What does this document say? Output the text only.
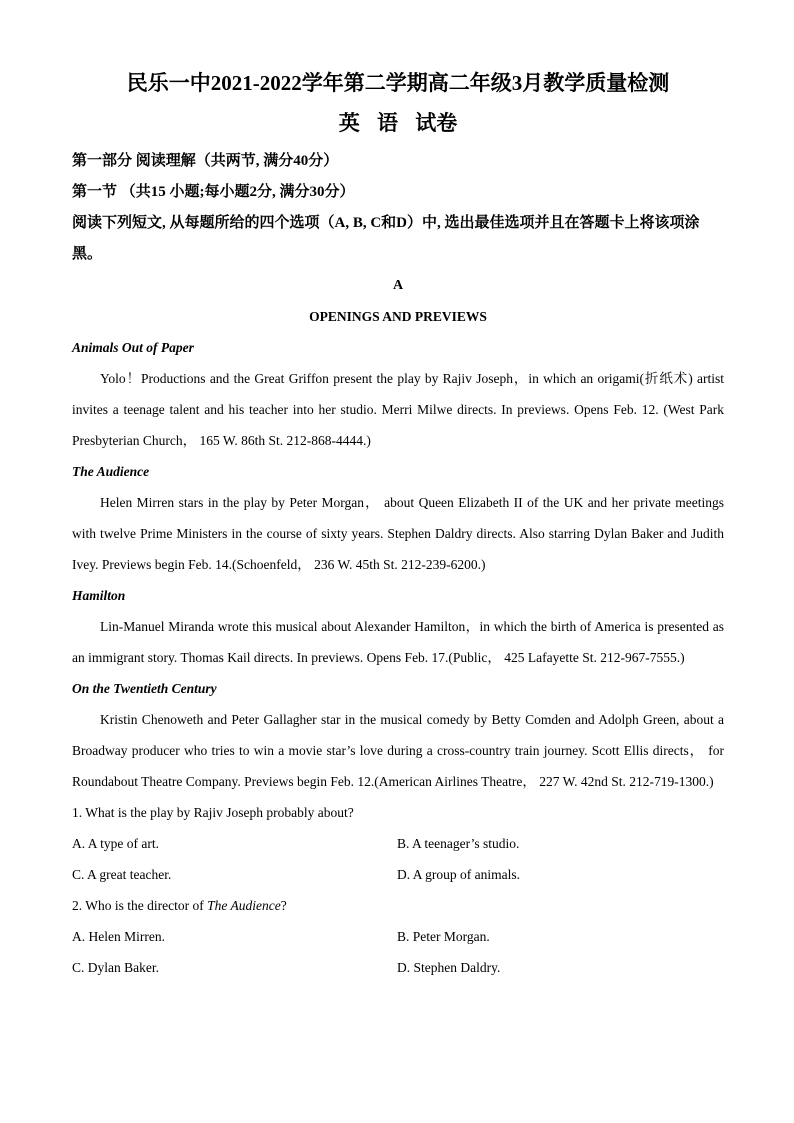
民乐一中2021-2022学年第二学期高二年级3月教学质量检测
英 语 试卷
第一部分 阅读理解（共两节, 满分40分）
第一节 （共15 小题;每小题2分, 满分30分）
阅读下列短文, 从每题所给的四个选项（A, B, C和D）中, 选出最佳选项并且在答题卡上将该项涂黑。
A
OPENINGS AND PREVIEWS
Animals Out of Paper
Yolo！Productions and the Great Griffon present the play by Rajiv Joseph，in which an origami(折纸术) artist invites a teenage talent and his teacher into her studio. Merri Milwe directs. In previews. Opens Feb. 12. (West Park Presbyterian Church， 165 W. 86th St. 212-868-4444.)
The Audience
Helen Mirren stars in the play by Peter Morgan， about Queen Elizabeth II of the UK and her private meetings with twelve Prime Ministers in the course of sixty years. Stephen Daldry directs. Also starring Dylan Baker and Judith Ivey. Previews begin Feb. 14.(Schoenfeld， 236 W. 45th St. 212-239-6200.)
Hamilton
Lin-Manuel Miranda wrote this musical about Alexander Hamilton，in which the birth of America is presented as an immigrant story. Thomas Kail directs. In previews. Opens Feb. 17.(Public， 425 Lafayette St. 212-967-7555.)
On the Twentieth Century
Kristin Chenoweth and Peter Gallagher star in the musical comedy by Betty Comden and Adolph Green, about a Broadway producer who tries to win a movie star’s love during a cross-country train journey. Scott Ellis directs， for Roundabout Theatre Company. Previews begin Feb. 12.(American Airlines Theatre， 227 W. 42nd St. 212-719-1300.)
1. What is the play by Rajiv Joseph probably about?
A. A type of art.	B. A teenager’s studio.
C. A great teacher.	D. A group of animals.
2. Who is the director of The Audience?
A. Helen Mirren.	B. Peter Morgan.
C. Dylan Baker.	D. Stephen Daldry.
